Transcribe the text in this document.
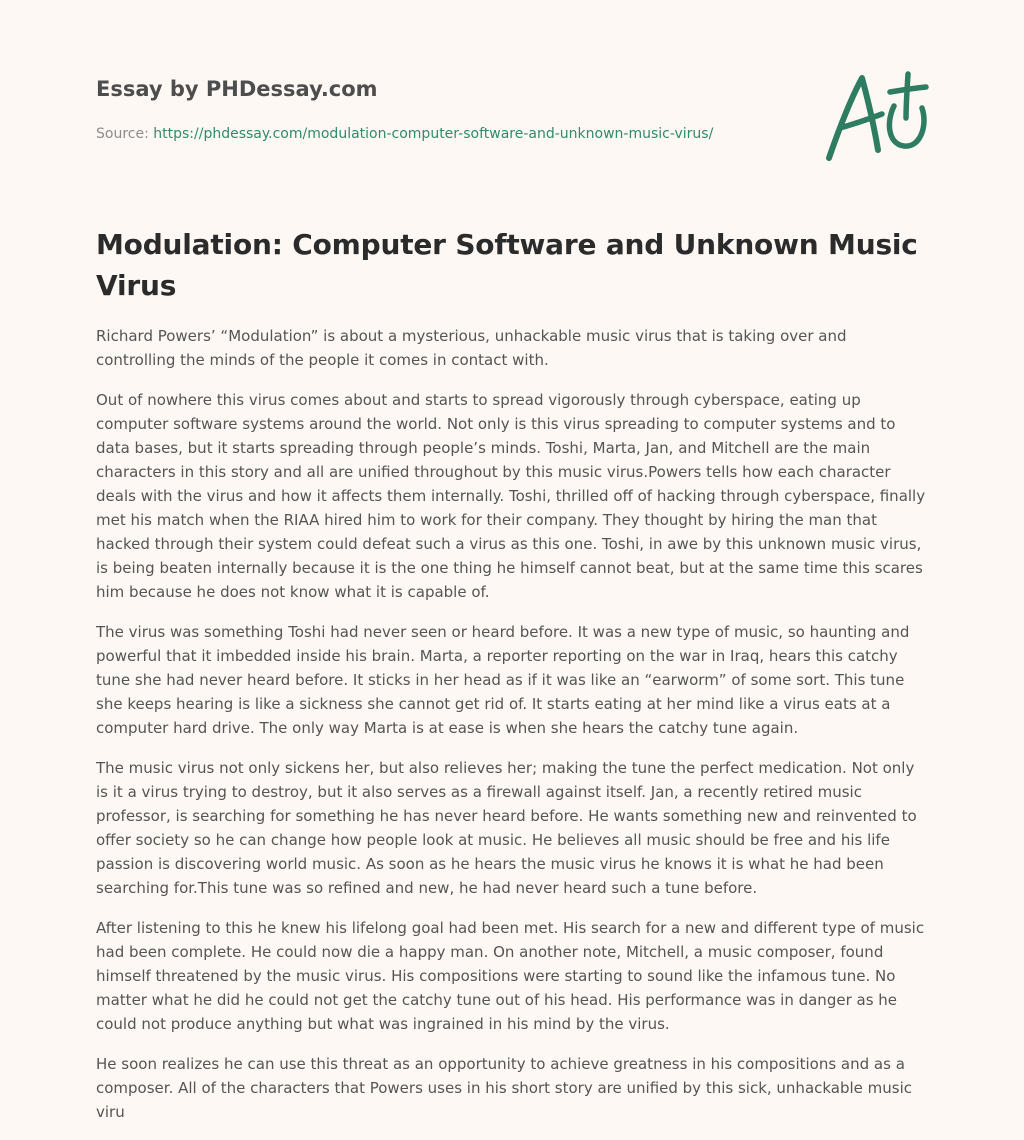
Essay by PHDessay.com
Source: https://phdessay.com/modulation-computer-software-and-unknown-music-virus/
Modulation: Computer Software and Unknown Music Virus

Richard Powers’ “Modulation” is about a mysterious, unhackable music virus that is taking over and controlling the minds of the people it comes in contact with.

Out of nowhere this virus comes about and starts to spread vigorously through cyberspace, eating up computer software systems around the world. Not only is this virus spreading to computer systems and to data bases, but it starts spreading through people’s minds. Toshi, Marta, Jan, and Mitchell are the main characters in this story and all are unified throughout by this music virus.Powers tells how each character deals with the virus and how it affects them internally. Toshi, thrilled off of hacking through cyberspace, finally met his match when the RIAA hired him to work for their company. They thought by hiring the man that hacked through their system could defeat such a virus as this one. Toshi, in awe by this unknown music virus, is being beaten internally because it is the one thing he himself cannot beat, but at the same time this scares him because he does not know what it is capable of.

The virus was something Toshi had never seen or heard before. It was a new type of music, so haunting and powerful that it imbedded inside his brain. Marta, a reporter reporting on the war in Iraq, hears this catchy tune she had never heard before. It sticks in her head as if it was like an “earworm” of some sort. This tune she keeps hearing is like a sickness she cannot get rid of. It starts eating at her mind like a virus eats at a computer hard drive. The only way Marta is at ease is when she hears the catchy tune again.

The music virus not only sickens her, but also relieves her; making the tune the perfect medication. Not only is it a virus trying to destroy, but it also serves as a firewall against itself. Jan, a recently retired music professor, is searching for something he has never heard before. He wants something new and reinvented to offer society so he can change how people look at music. He believes all music should be free and his life passion is discovering world music. As soon as he hears the music virus he knows it is what he had been searching for.This tune was so refined and new, he had never heard such a tune before.

After listening to this he knew his lifelong goal had been met. His search for a new and different type of music had been complete. He could now die a happy man. On another note, Mitchell, a music composer, found himself threatened by the music virus. His compositions were starting to sound like the infamous tune. No matter what he did he could not get the catchy tune out of his head. His performance was in danger as he could not produce anything but what was ingrained in his mind by the virus.

He soon realizes he can use this threat as an opportunity to achieve greatness in his compositions and as a composer. All of the characters that Powers uses in his short story are unified by this sick, unhackable music viru
